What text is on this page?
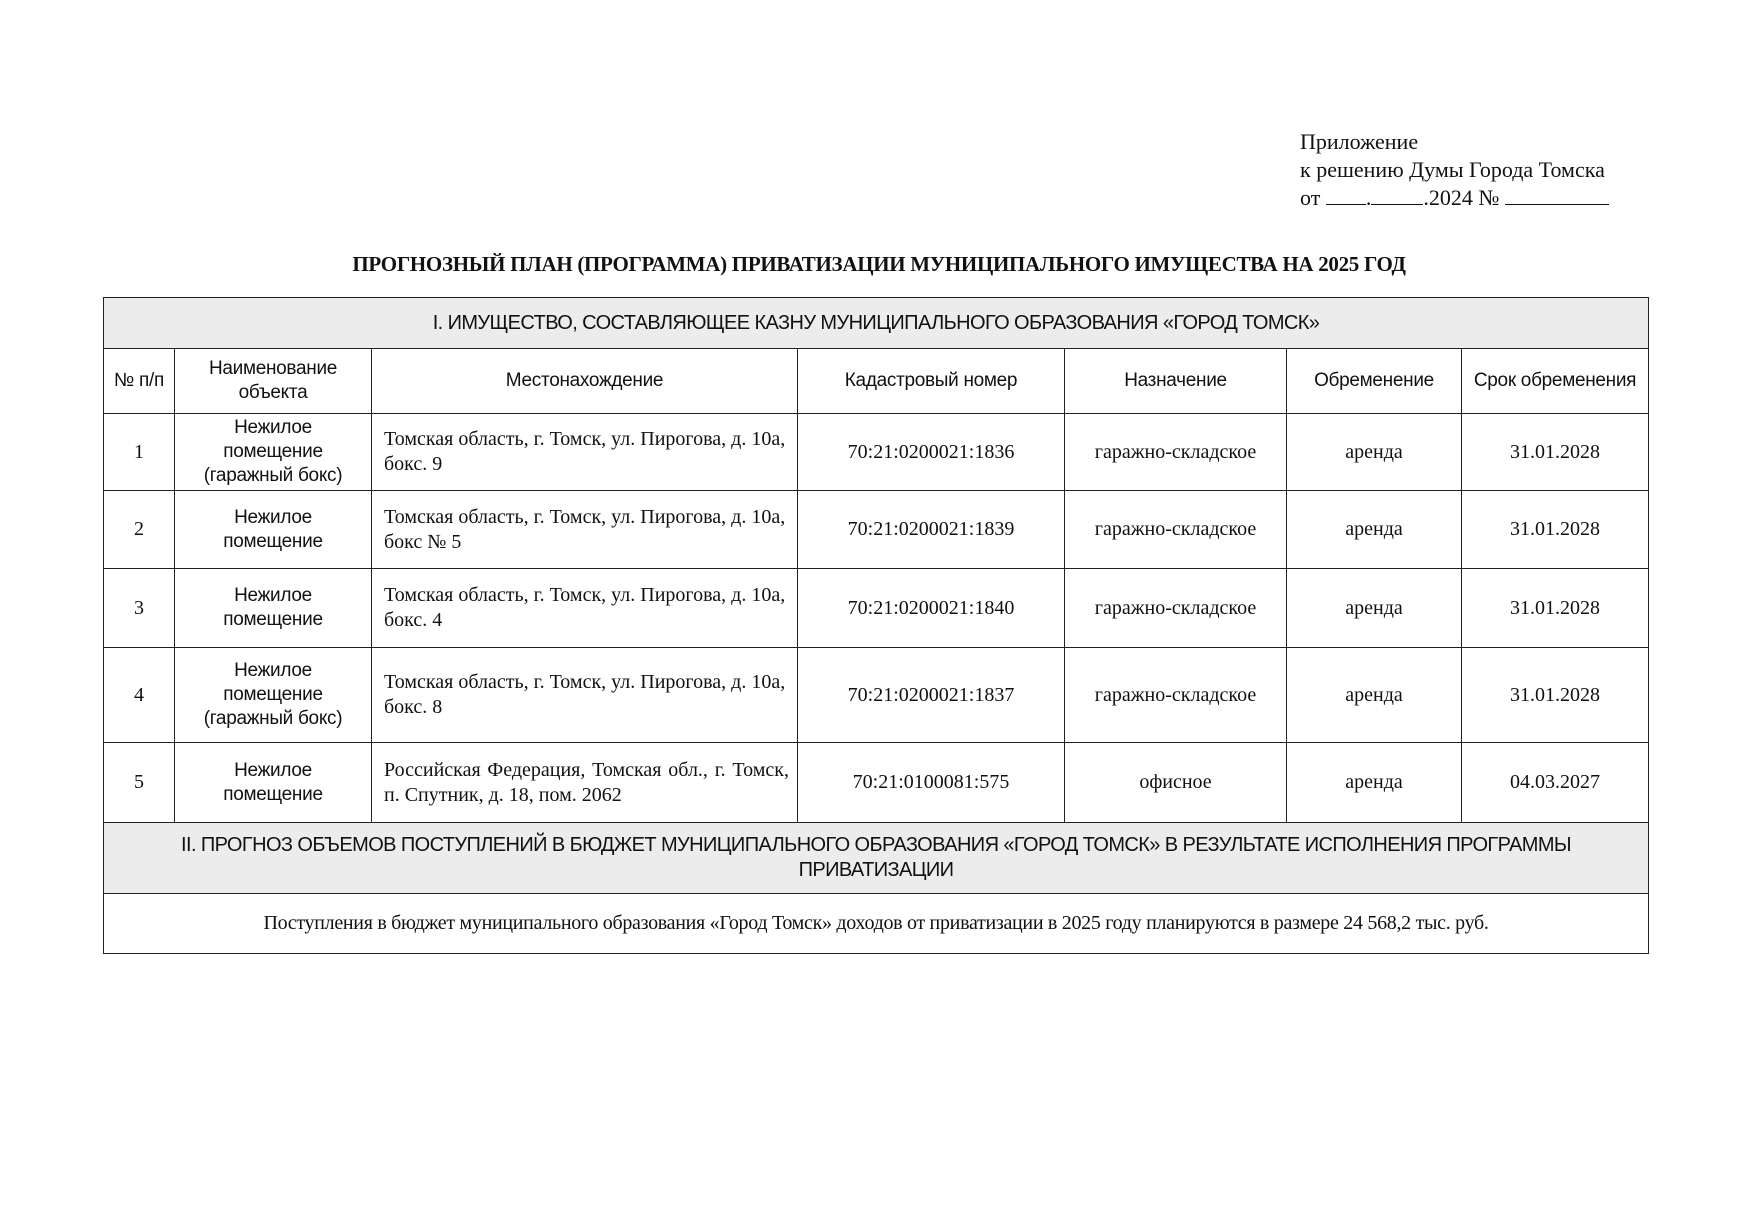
Приложение
к решению Думы Города Томска
от . .2024 №
ПРОГНОЗНЫЙ ПЛАН (ПРОГРАММА) ПРИВАТИЗАЦИИ МУНИЦИПАЛЬНОГО ИМУЩЕСТВА НА 2025 ГОД
I. ИМУЩЕСТВО, СОСТАВЛЯЮЩЕЕ КАЗНУ МУНИЦИПАЛЬНОГО ОБРАЗОВАНИЯ «ГОРОД ТОМСК»						
№ п/п	Наименование объекта	Местонахождение	Кадастровый номер	Назначение	Обременение	Срок обременения
1	Нежилое помещение (гаражный бокс)	Томская область, г. Томск, ул. Пирогова, д. 10а, бокс. 9	70:21:0200021:1836	гаражно-складское	аренда	31.01.2028
2	Нежилое помещение	Томская область, г. Томск, ул. Пирогова, д. 10а, бокс № 5	70:21:0200021:1839	гаражно-складское	аренда	31.01.2028
3	Нежилое помещение	Томская область, г. Томск, ул. Пирогова, д. 10а, бокс. 4	70:21:0200021:1840	гаражно-складское	аренда	31.01.2028
4	Нежилое помещение (гаражный бокс)	Томская область, г. Томск, ул. Пирогова, д. 10а, бокс. 8	70:21:0200021:1837	гаражно-складское	аренда	31.01.2028
5	Нежилое помещение	Российская Федерация, Томская обл., г. Томск, п. Спутник, д. 18, пом. 2062	70:21:0100081:575	офисное	аренда	04.03.2027
II. ПРОГНОЗ ОБЪЕМОВ ПОСТУПЛЕНИЙ В БЮДЖЕТ МУНИЦИПАЛЬНОГО ОБРАЗОВАНИЯ «ГОРОД ТОМСК» В РЕЗУЛЬТАТЕ ИСПОЛНЕНИЯ ПРОГРАММЫ ПРИВАТИЗАЦИИ						
Поступления в бюджет муниципального образования «Город Томск» доходов от приватизации в 2025 году планируются в размере 24 568,2 тыс. руб.						
